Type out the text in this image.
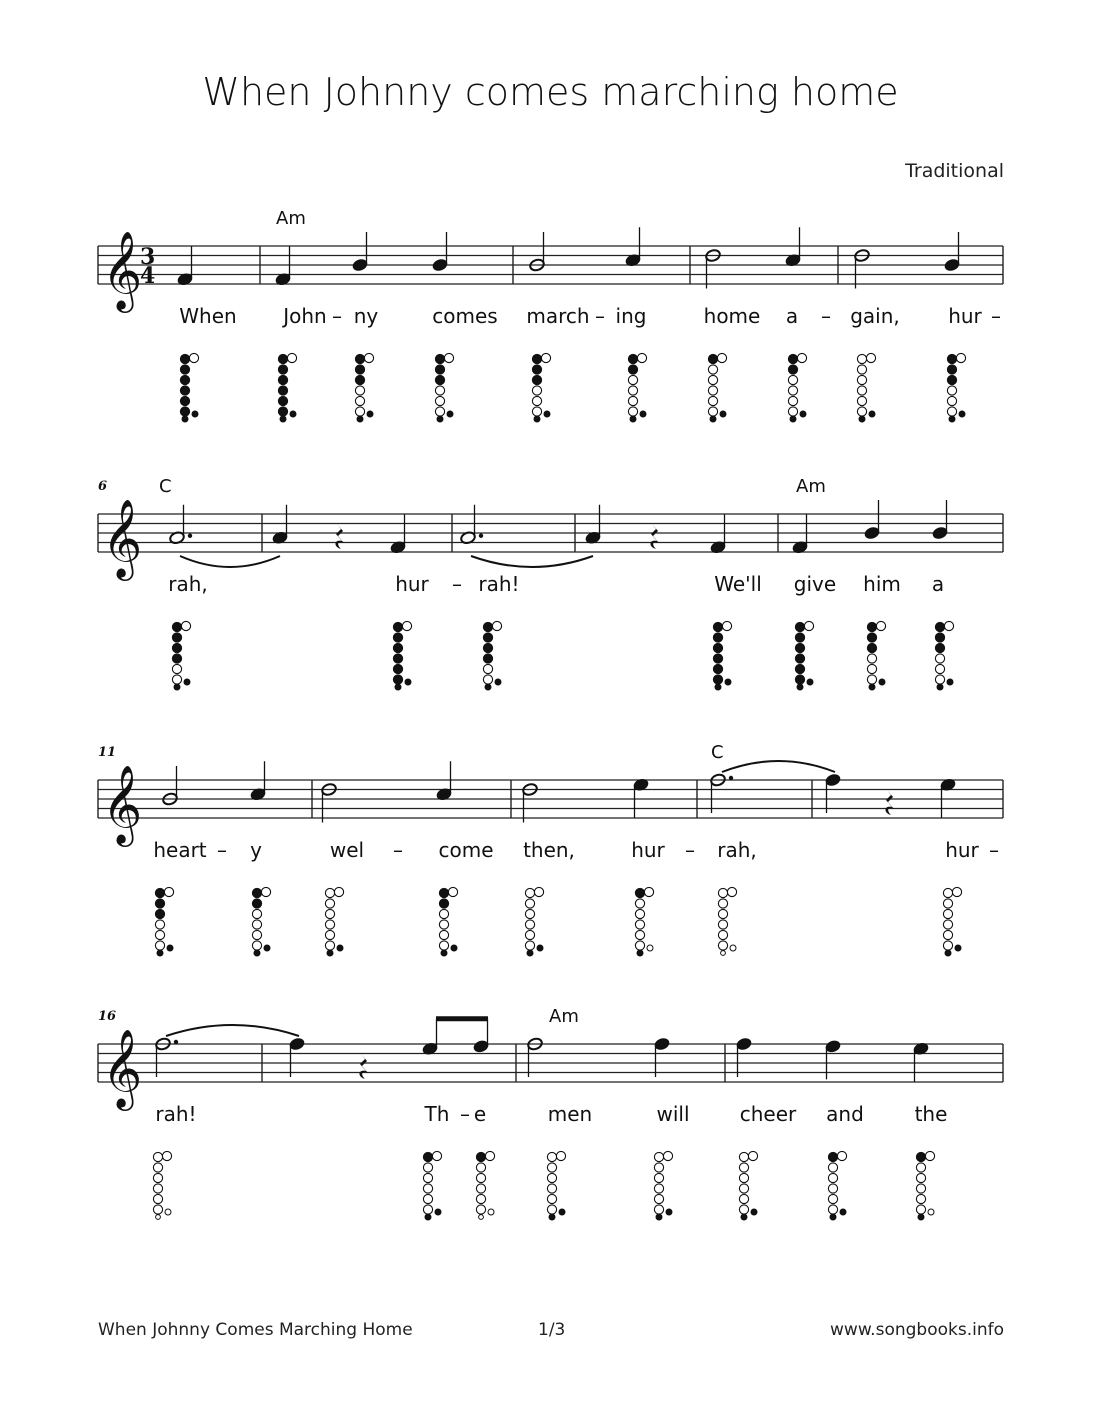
When Johnny comes marching home
Traditional
𝄞
3
4
Am
When John – ny	comes march – ing	home a – gain, hur –
𝄞
6	C	Am
rah,	hur – rah!	We'll give him a
𝄞
11	C
heart – y	wel – come then,	hur – rah,	hur –
𝄞
16	Am
rah!	Th – e	men	will	cheer and	the
When Johnny Comes Marching Home	1/3	www.songbooks.info
